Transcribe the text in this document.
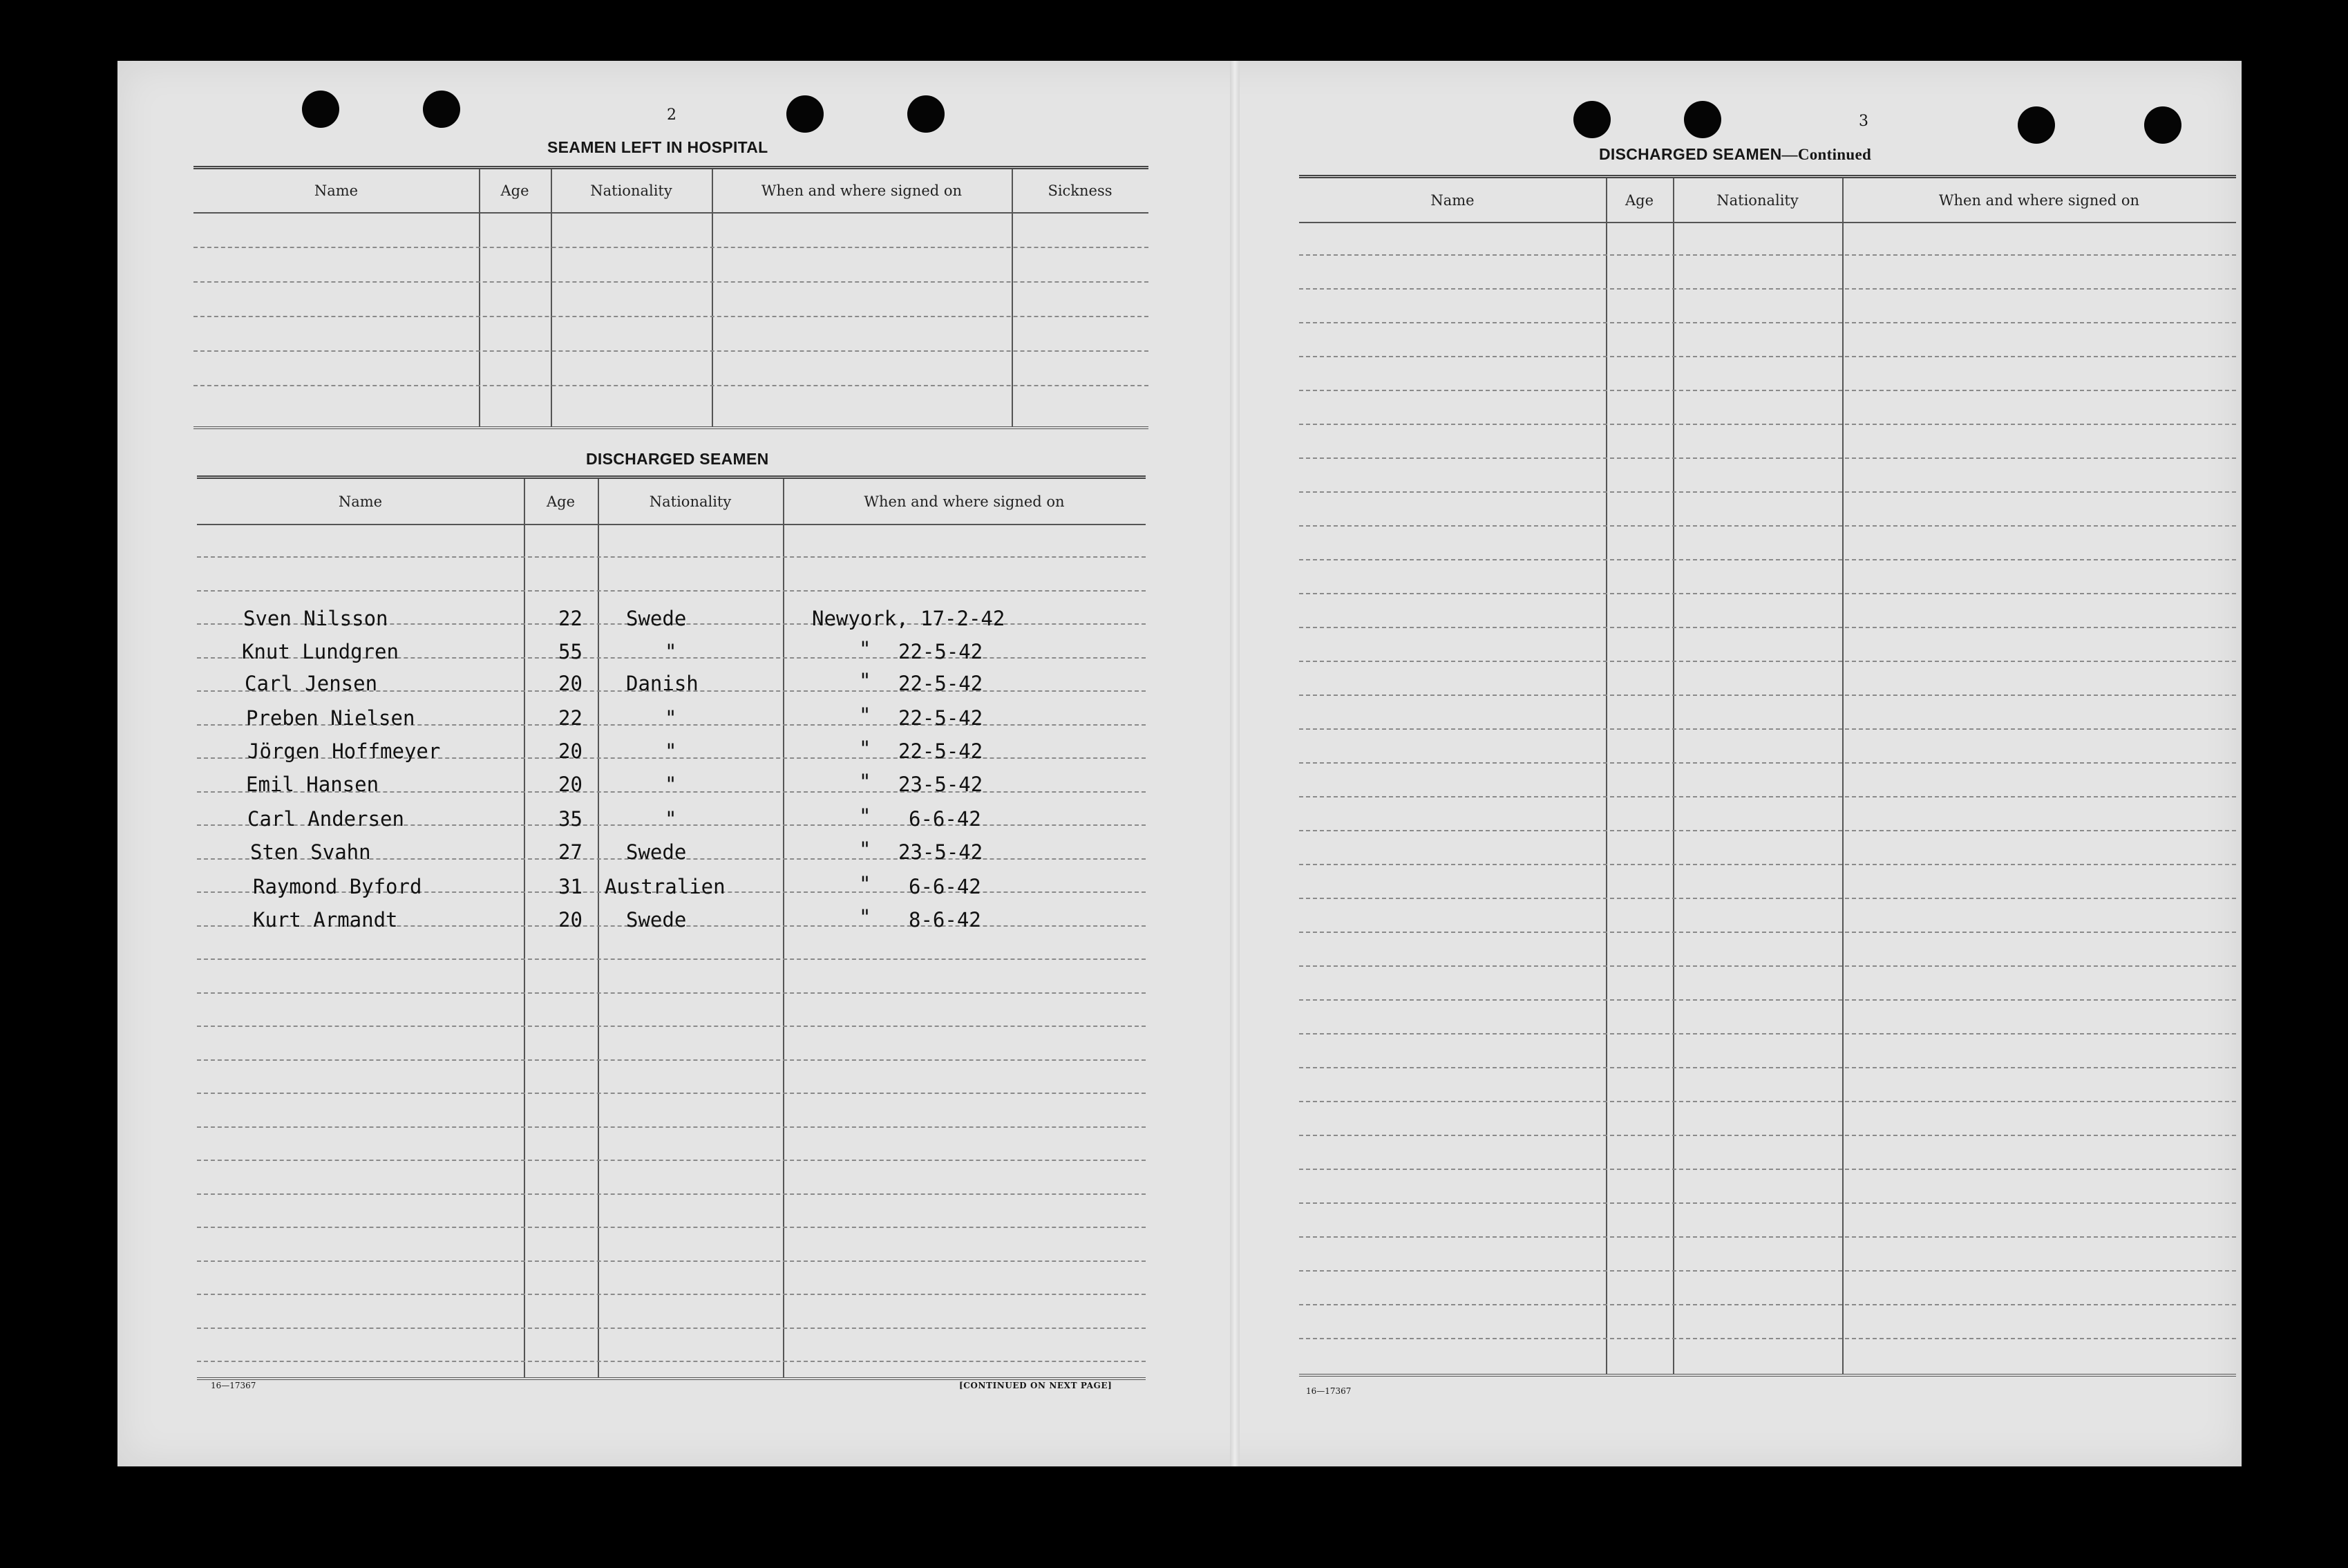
2
SEAMEN LEFT IN HOSPITAL
Name	Age	Nationality	When and where signed on	Sickness
DISCHARGED SEAMEN
Name	Age	Nationality	When and where signed on
Sven Nilsson	22 Swede	Newyork, 17-2-42
Knut Lundgren	55	"	" 22-5-42
Carl Jensen	20 Danish	" 22-5-42
Preben Nielsen	22	"	" 22-5-42
Jörgen Hoffmeyer	20	"	" 22-5-42
Emil Hansen	20	"	" 23-5-42
Carl Andersen	35	"	" 6-6-42
Sten Svahn	27 Swede	" 23-5-42
Raymond Byford	31 Australien	" 6-6-42
Kurt Armandt	20 Swede	" 8-6-42
16—17367	[CONTINUED ON NEXT PAGE]
3
DISCHARGED SEAMEN—Continued
Name	Age	Nationality	When and where signed on
16—17367
